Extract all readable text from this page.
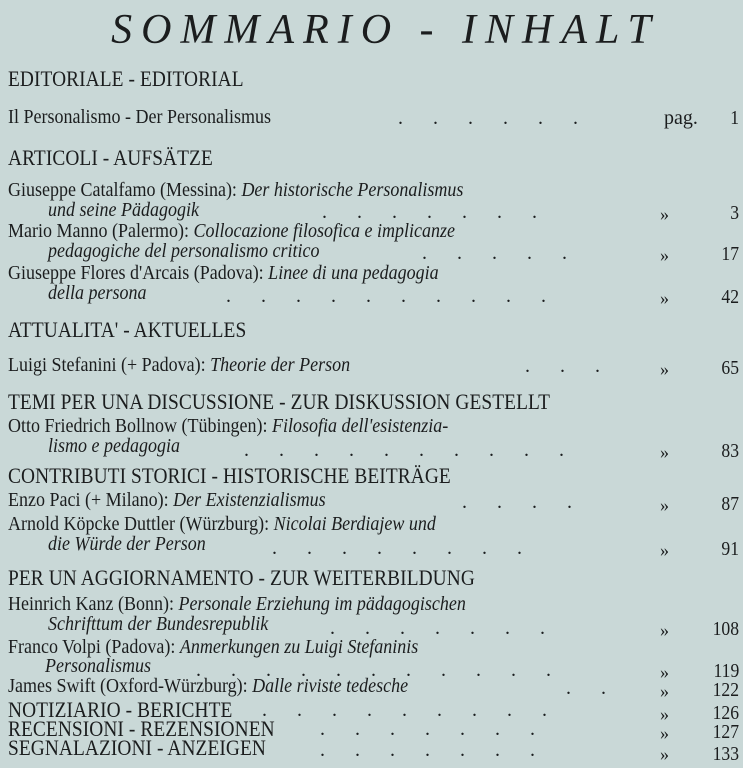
SOMMARIO - INHALT
EDITORIALE - EDITORIAL
Il Personalismo - Der Personalismus	.      .      .      .      .      .	pag. 1
ARTICOLI - AUFSÄTZE
Giuseppe Catalfamo (Messina): Der historische Personalismus
und seine Pädagogik	.      .      .      .      .      .      .	»	3
Mario Manno (Palermo): Collocazione filosofica e implicanze
pedagogiche del personalismo critico	.      .      .      .      .	»	17
Giuseppe Flores d'Arcais (Padova): Linee di una pedagogia
della persona	.      .      .      .      .      .      .      .      .      .	»	42
ATTUALITA' - AKTUELLES
Luigi Stefanini (+ Padova): Theorie der Person	.      .      .	»	65
TEMI PER UNA DISCUSSIONE - ZUR DISKUSSION GESTELLT
Otto Friedrich Bollnow (Tübingen): Filosofia dell'esistenzia-
lismo e pedagogia	.      .      .      .      .      .      .      .      .      .	»	83
CONTRIBUTI STORICI - HISTORISCHE BEITRÄGE
Enzo Paci (+ Milano): Der Existenzialismus	.      .      .      .	»	87
Arnold Köpcke Duttler (Würzburg): Nicolai Berdiajew und
die Würde der Person	.      .      .      .      .      .      .      .	»	91
PER UN AGGIORNAMENTO - ZUR WEITERBILDUNG
Heinrich Kanz (Bonn): Personale Erziehung im pädagogischen
Schrifttum der Bundesrepublik	.      .      .      .      .      .      .	» 108
Franco Volpi (Padova): Anmerkungen zu Luigi Stefaninis
Personalismus .      .      .      .      .      .      .      .      .      .      .	» 119
James Swift (Oxford-Würzburg): Dalle riviste tedesche	.      .	» 122
NOTIZIARIO - BERICHTE .      .      .      .      .      .      .      .      .	» 126
RECENSIONI - REZENSIONEN .      .      .      .      .      .      .	» 127
SEGNALAZIONI - ANZEIGEN	.      .      .      .      .      .      .	» 133
